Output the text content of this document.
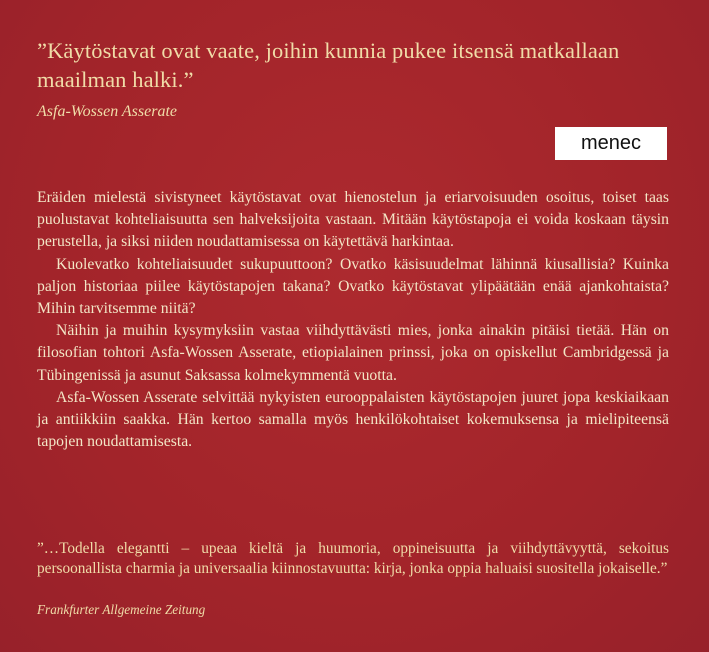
”Käytöstavat ovat vaate, joihin kunnia pukee itsensä matkallaan maailman halki.”
Asfa-Wossen Asserate
menec

Eräiden mielestä sivistyneet käytöstavat ovat hienostelun ja eriarvoisuuden osoitus, toiset taas puolustavat kohteliaisuutta sen halveksijoita vastaan. Mitään käytöstapoja ei voida koskaan täysin perustella, ja siksi niiden noudattamisessa on käytettävä harkintaa.

Kuolevatko kohteliaisuudet sukupuuttoon? Ovatko käsisuudelmat lähinnä kiusallisia? Kuinka paljon historiaa piilee käytöstapojen takana? Ovatko käytöstavat ylipäätään enää ajankohtaista? Mihin tarvitsemme niitä?

Näihin ja muihin kysymyksiin vastaa viihdyttävästi mies, jonka ainakin pitäisi tietää. Hän on filosofian tohtori Asfa-Wossen Asserate, etiopialainen prinssi, joka on opiskellut Cambridgessä ja Tübingenissä ja asunut Saksassa kolmekymmentä vuotta.

Asfa-Wossen Asserate selvittää nykyisten eurooppalaisten käytöstapojen juuret jopa keskiaikaan ja antiikkiin saakka. Hän kertoo samalla myös henkilökohtaiset kokemuksensa ja mielipiteensä tapojen noudattamisesta.

”…Todella elegantti – upeaa kieltä ja huumoria, oppineisuutta ja viihdyttävyyttä, sekoitus persoonallista charmia ja universaalia kiinnostavuutta: kirja, jonka oppia haluaisi suositella jokaiselle.”
Frankfurter Allgemeine Zeitung
